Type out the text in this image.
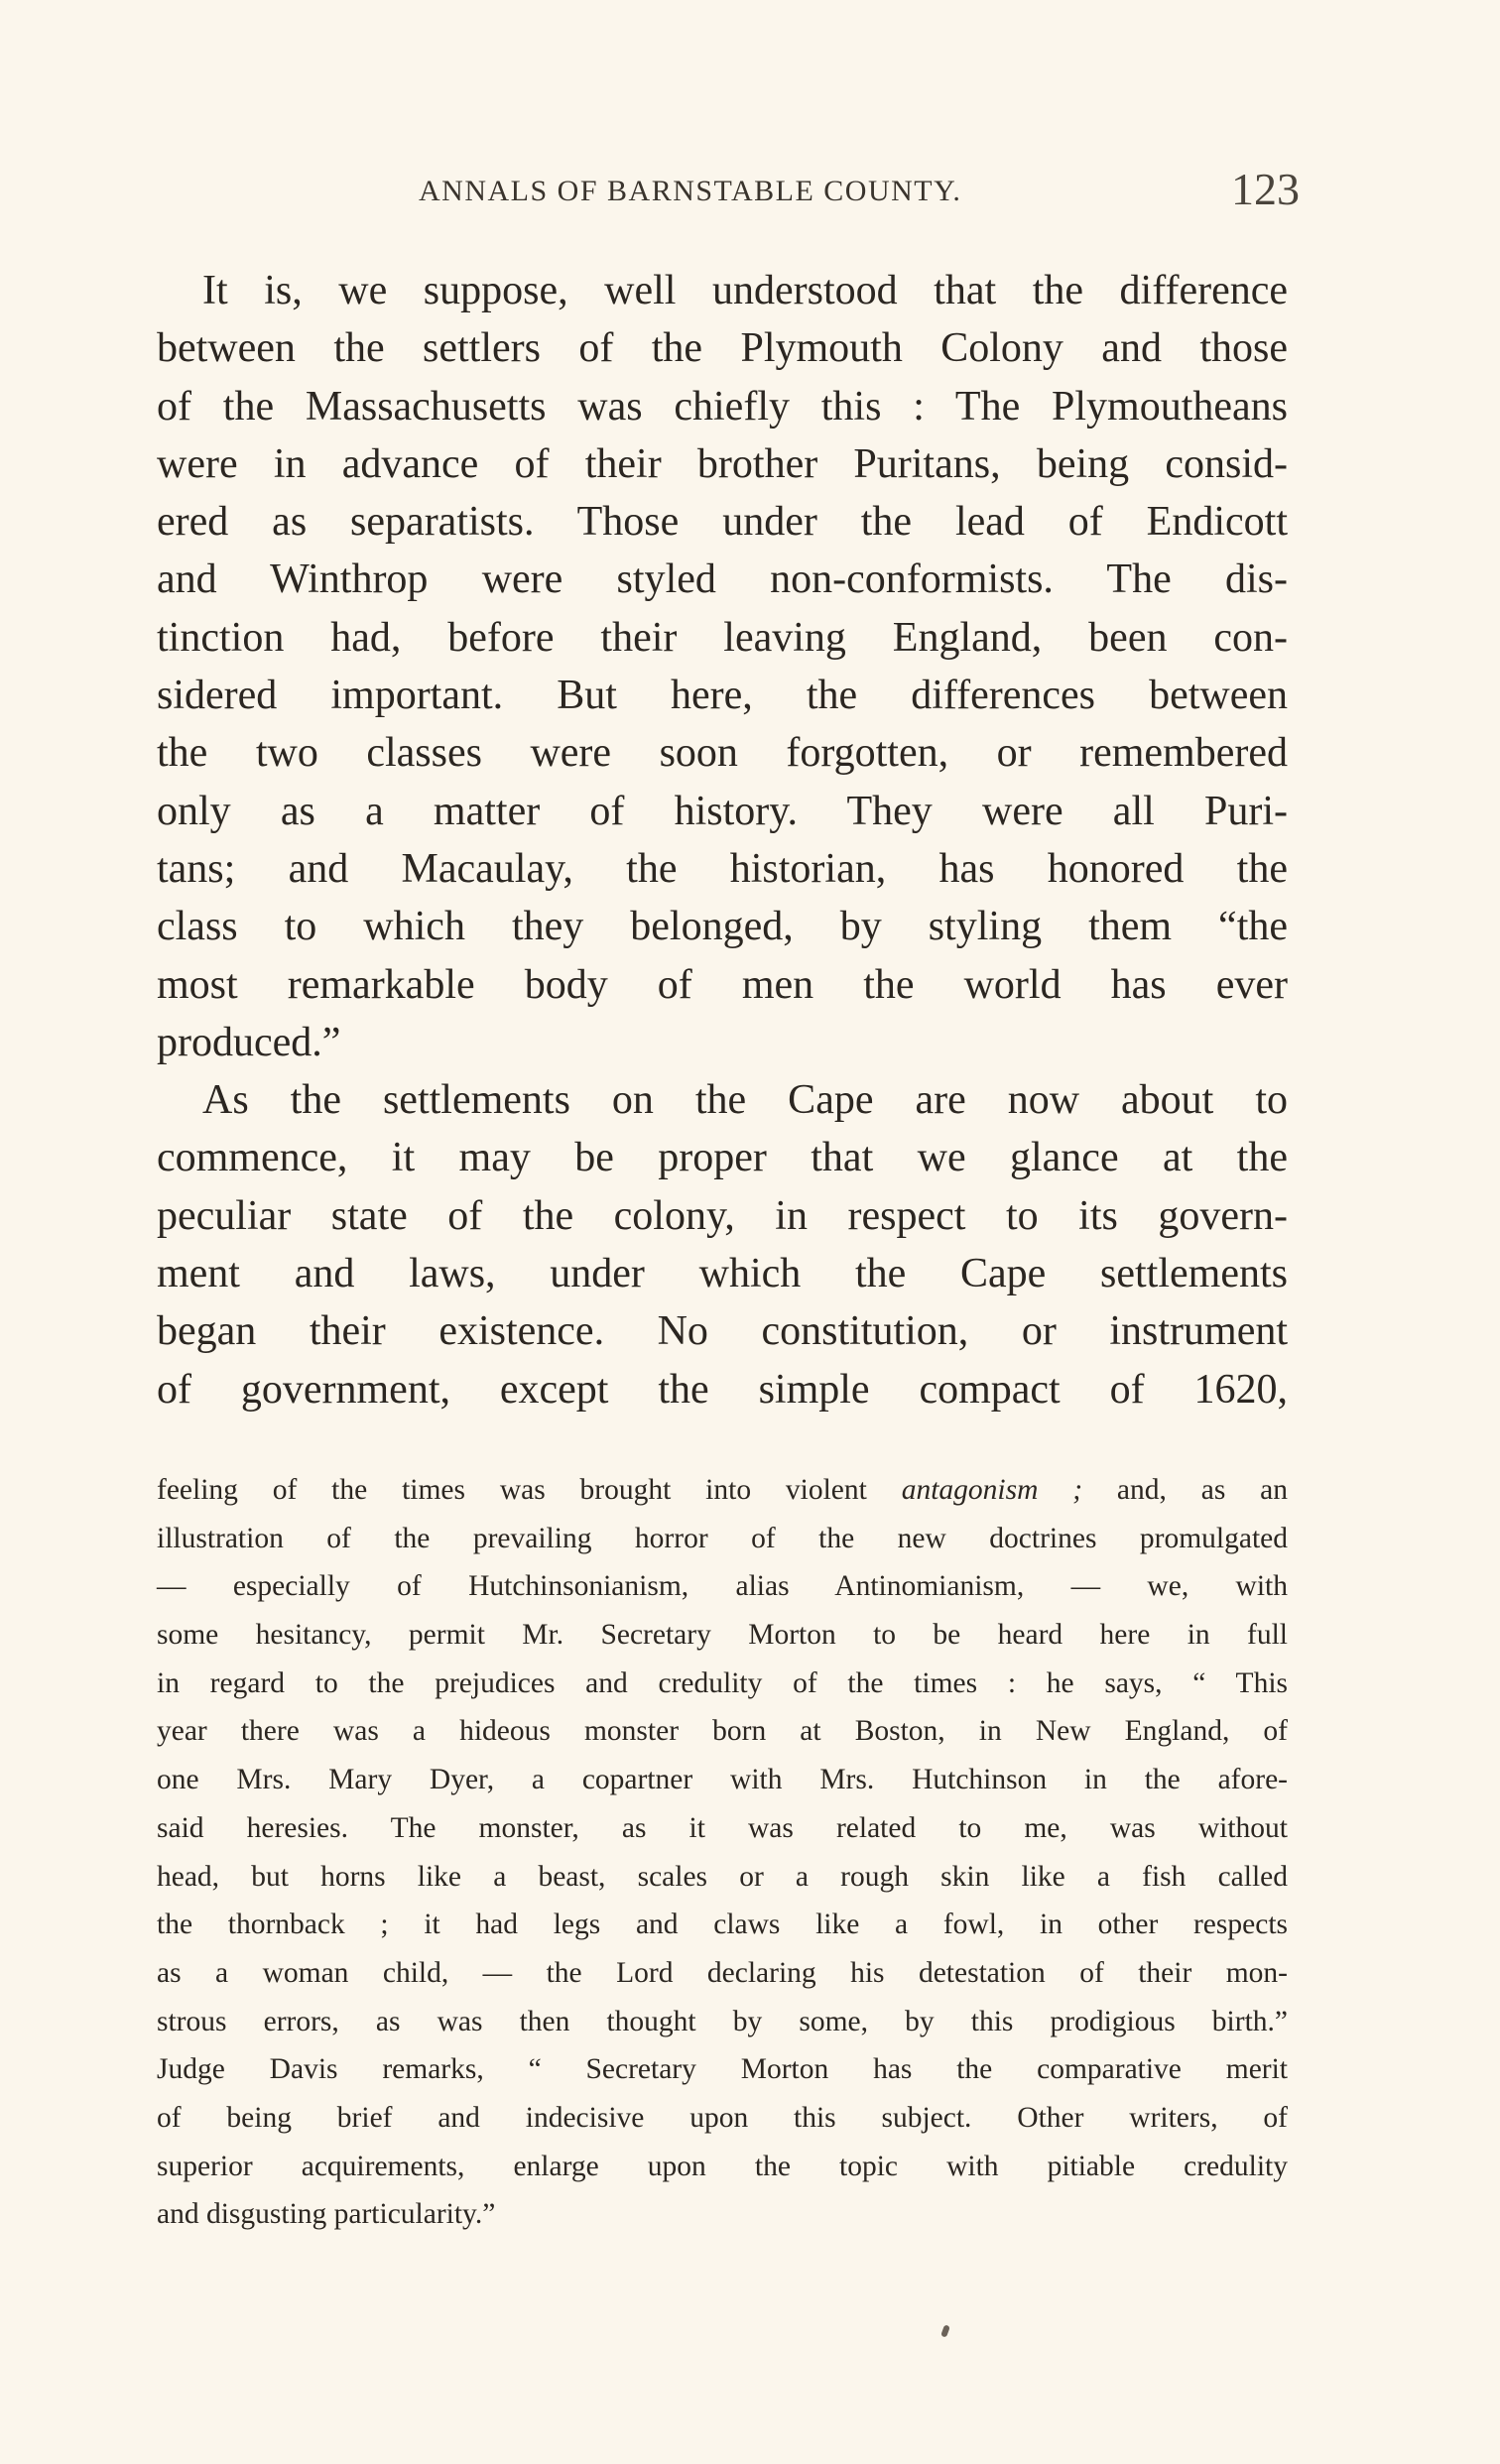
ANNALS OF BARNSTABLE COUNTY.	123
It is, we suppose, well understood that the difference
between the settlers of the Plymouth Colony and those
of the Massachusetts was chiefly this : The Plymoutheans
were in advance of their brother Puritans, being consid-
ered as separatists. Those under the lead of Endicott
and Winthrop were styled non-conformists. The dis-
tinction had, before their leaving England, been con-
sidered important. But here, the differences between
the two classes were soon forgotten, or remembered
only as a matter of history. They were all Puri-
tans; and Macaulay, the historian, has honored the
class to which they belonged, by styling them “the
most remarkable body of men the world has ever
produced.”
As the settlements on the Cape are now about to
commence, it may be proper that we glance at the
peculiar state of the colony, in respect to its govern-
ment and laws, under which the Cape settlements
began their existence. No constitution, or instrument
of government, except the simple compact of 1620,
feeling of the times was brought into violent antagonism ; and, as an
illustration of the prevailing horror of the new doctrines promulgated
— especially of Hutchinsonianism, alias Antinomianism, — we, with
some hesitancy, permit Mr. Secretary Morton to be heard here in full
in regard to the prejudices and credulity of the times : he says, “ This
year there was a hideous monster born at Boston, in New England, of
one Mrs. Mary Dyer, a copartner with Mrs. Hutchinson in the afore-
said heresies. The monster, as it was related to me, was without
head, but horns like a beast, scales or a rough skin like a fish called
the thornback ; it had legs and claws like a fowl, in other respects
as a woman child, — the Lord declaring his detestation of their mon-
strous errors, as was then thought by some, by this prodigious birth.”
Judge Davis remarks, “ Secretary Morton has the comparative merit
of being brief and indecisive upon this subject. Other writers, of
superior acquirements, enlarge upon the topic with pitiable credulity
and disgusting particularity.”
